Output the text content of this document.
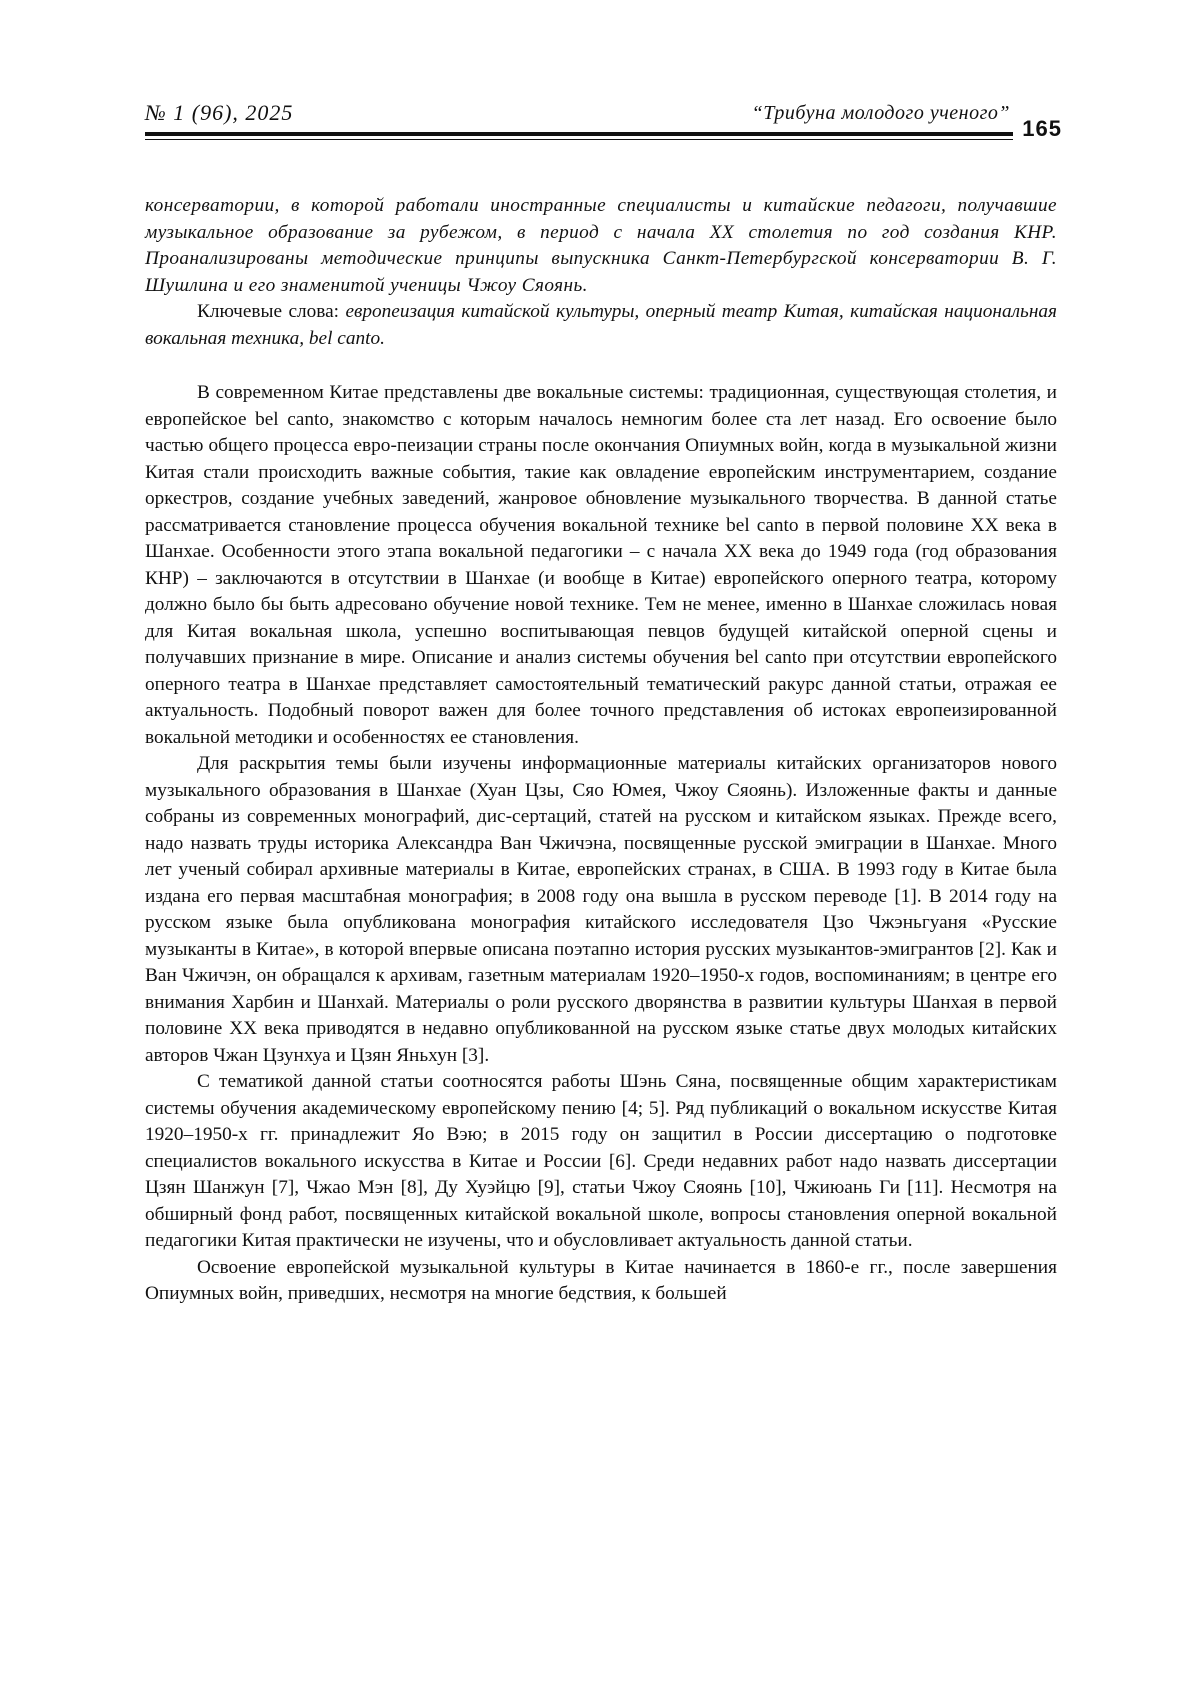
№ 1 (96), 2025	“Трибуна молодого ученого”
165

консерватории, в которой работали иностранные специалисты и китайские педагоги, получавшие музыкальное образование за рубежом, в период с начала XX столетия по год создания КНР. Проанализированы методические принципы выпускника Санкт-Петербургской консерватории В. Г. Шушлина и его знаменитой ученицы Чжоу Сяоянь.

Ключевые слова: европеизация китайской культуры, оперный театр Китая, китайская национальная вокальная техника, bel canto.

В современном Китае представлены две вокальные системы: традиционная, существующая столетия, и европейское bel canto, знакомство с которым началось немногим более ста лет назад. Его освоение было частью общего процесса евро-пеизации страны после окончания Опиумных войн, когда в музыкальной жизни Китая стали происходить важные события, такие как овладение европейским инструментарием, создание оркестров, создание учебных заведений, жанровое обновление музыкального творчества. В данной статье рассматривается становление процесса обучения вокальной технике bel canto в первой половине XX века в Шанхае. Особенности этого этапа вокальной педагогики – с начала XX века до 1949 года (год образования КНР) – заключаются в отсутствии в Шанхае (и вообще в Китае) европейского оперного театра, которому должно было бы быть адресовано обучение новой технике. Тем не менее, именно в Шанхае сложилась новая для Китая вокальная школа, успешно воспитывающая певцов будущей китайской оперной сцены и получавших признание в мире. Описание и анализ системы обучения bel canto при отсутствии европейского оперного театра в Шанхае представляет самостоятельный тематический ракурс данной статьи, отражая ее актуальность. Подобный поворот важен для более точного представления об истоках европеизированной вокальной методики и особенностях ее становления.

Для раскрытия темы были изучены информационные материалы китайских организаторов нового музыкального образования в Шанхае (Хуан Цзы, Сяо Юмея, Чжоу Сяоянь). Изложенные факты и данные собраны из современных монографий, дис-сертаций, статей на русском и китайском языках. Прежде всего, надо назвать труды историка Александра Ван Чжичэна, посвященные русской эмиграции в Шанхае. Много лет ученый собирал архивные материалы в Китае, европейских странах, в США. В 1993 году в Китае была издана его первая масштабная монография; в 2008 году она вышла в русском переводе [1]. В 2014 году на русском языке была опубликована монография китайского исследователя Цзо Чжэньгуаня «Русские музыканты в Китае», в которой впервые описана поэтапно история русских музыкантов-эмигрантов [2]. Как и Ван Чжичэн, он обращался к архивам, газетным материалам 1920–1950-х годов, воспоминаниям; в центре его внимания Харбин и Шанхай. Материалы о роли русского дворянства в развитии культуры Шанхая в первой половине XX века приводятся в недавно опубликованной на русском языке статье двух молодых китайских авторов Чжан Цзунхуа и Цзян Яньхун [3].

С тематикой данной статьи соотносятся работы Шэнь Сяна, посвященные общим характеристикам системы обучения академическому европейскому пению [4; 5]. Ряд публикаций о вокальном искусстве Китая 1920–1950-х гг. принадлежит Яо Вэю; в 2015 году он защитил в России диссертацию о подготовке специалистов вокального искусства в Китае и России [6]. Среди недавних работ надо назвать диссертации Цзян Шанжун [7], Чжао Мэн [8], Ду Хуэйцю [9], статьи Чжоу Сяоянь [10], Чжиюань Ги [11]. Несмотря на обширный фонд работ, посвященных китайской вокальной школе, вопросы становления оперной вокальной педагогики Китая практически не изучены, что и обусловливает актуальность данной статьи.

Освоение европейской музыкальной культуры в Китае начинается в 1860-е гг., после завершения Опиумных войн, приведших, несмотря на многие бедствия, к большей
